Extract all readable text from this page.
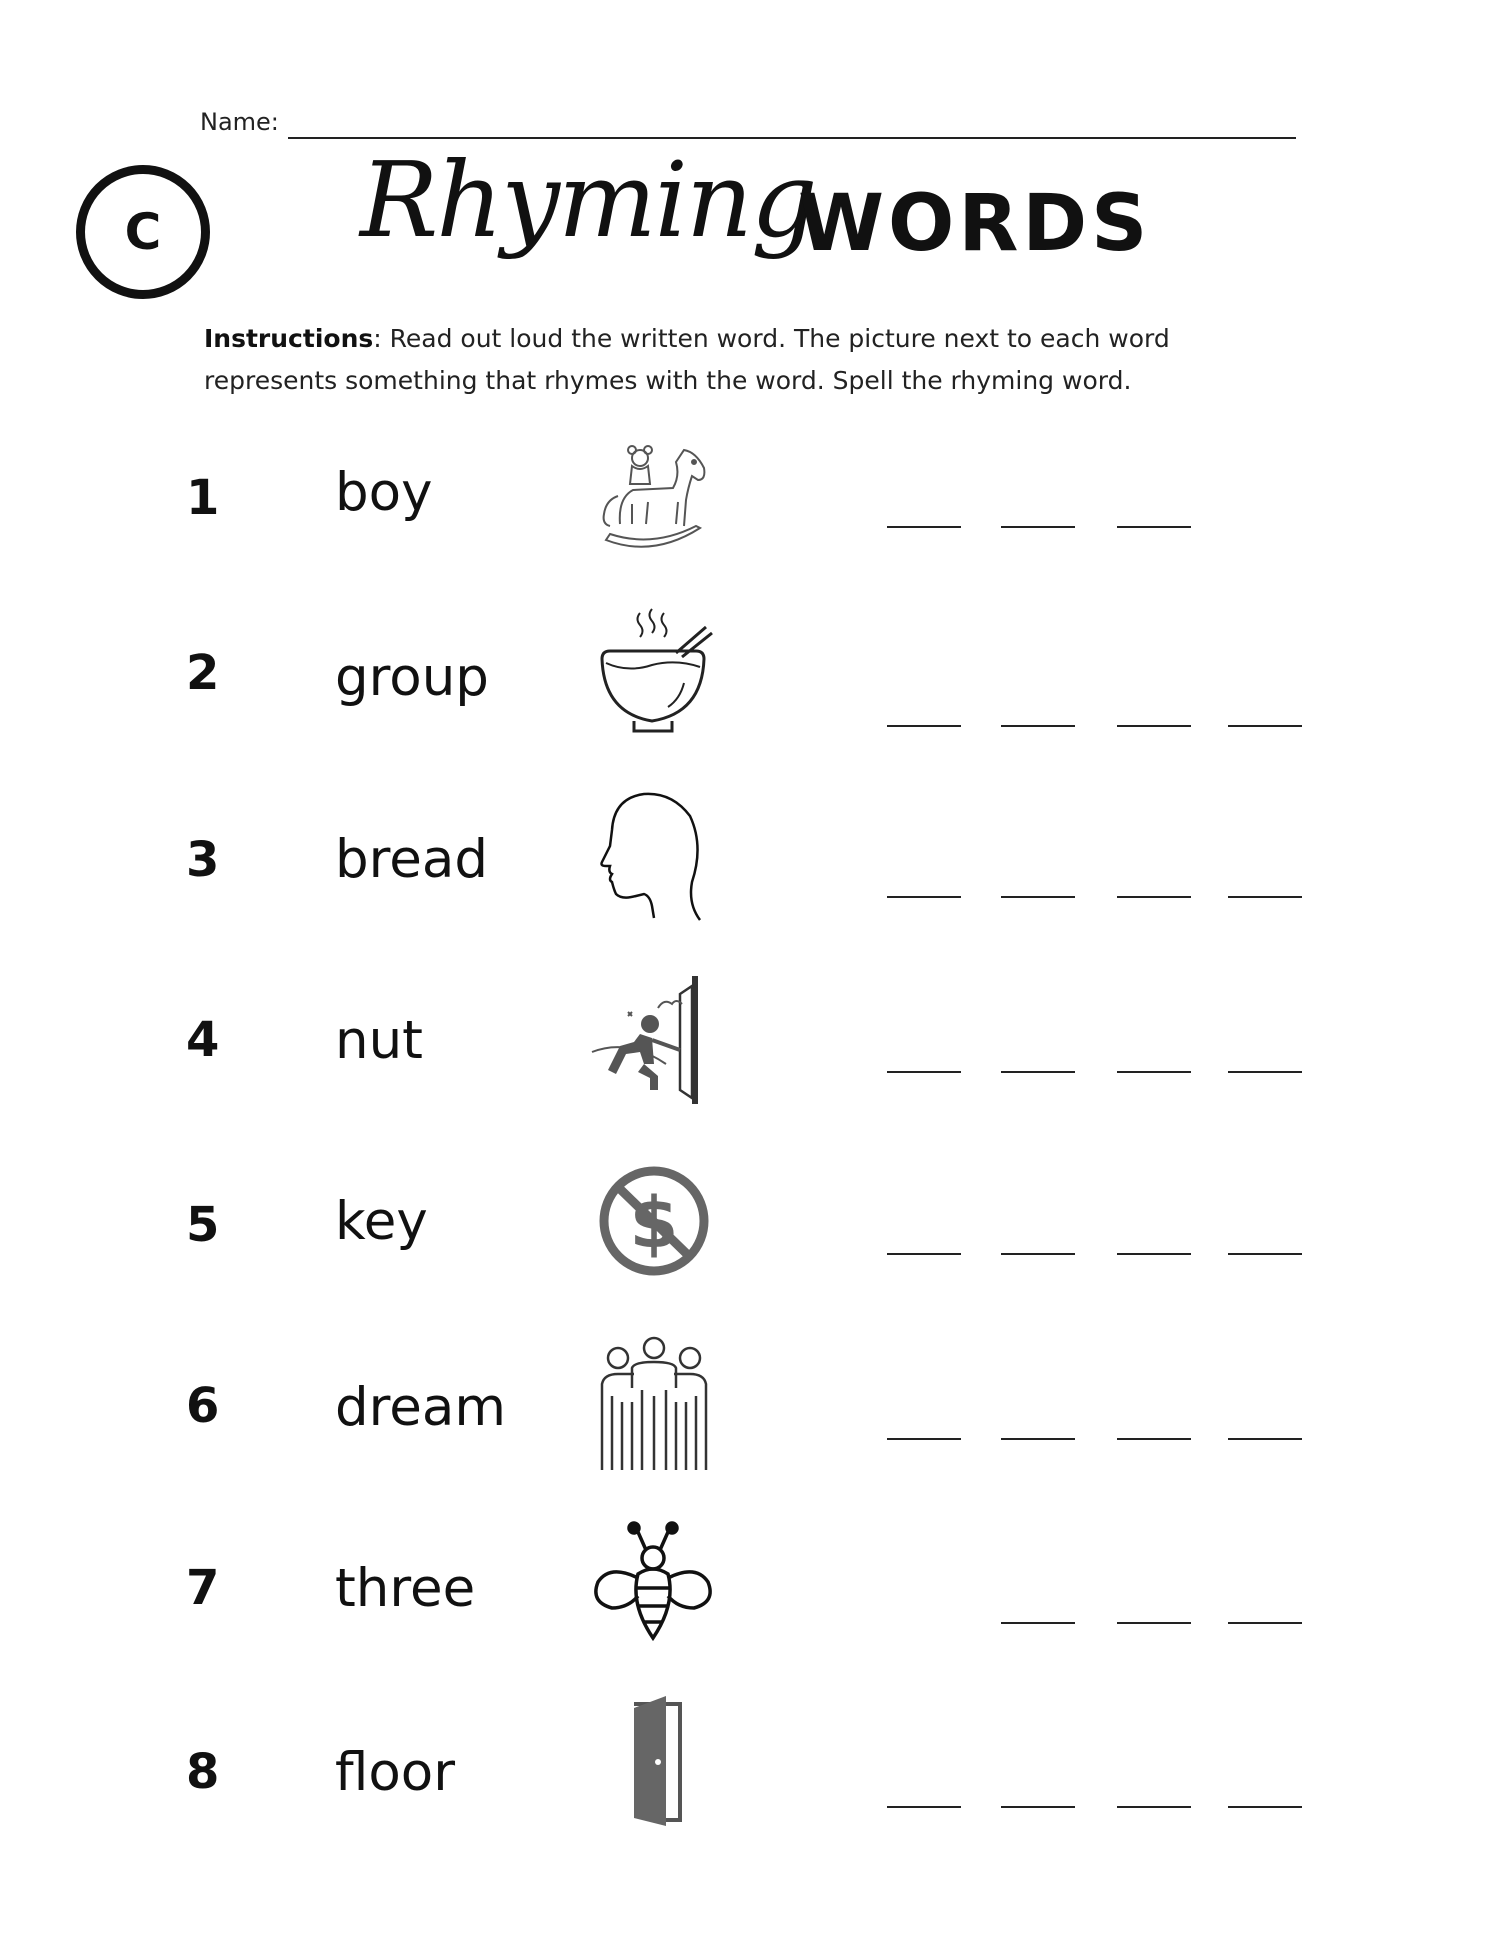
Name:
C Rhyming
WORDS
Instructions: Read out loud the written word. The picture next to each word represents something that rhymes with the word. Spell the rhyming word.
1 boy
2 group
3 bread
4 nut
5 key	$
6 dream
7 three
8 floor
